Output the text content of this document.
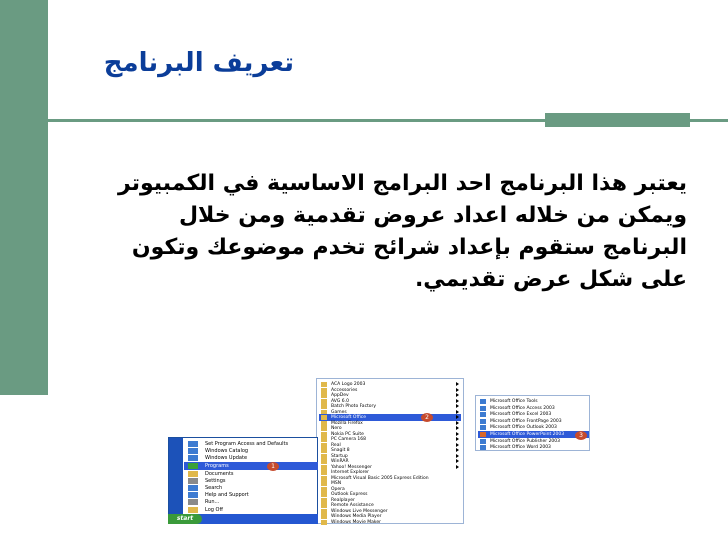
تعريف البرنامج
يعتبر هذا البرنامج احد البرامج الاساسية في الكمبيوتر
ويمكن من خلاله اعداد عروض تقدمية ومن خلال
البرنامج ستقوم بإعداد شرائح تخدم موضوعك وتكون
على شكل عرض تقديمي.
ACA Logo 2003
Accessories
AppDev
AVG 6.0
Batch Photo Factory
Games
Microsoft Office
Mozilla Firefox
Nero
Nokia PC Suite
PC Camera 168
Real
Snagit 8
Startup
WinRAR
Yahoo! Messenger
Internet Explorer
Microsoft Visual Basic 2005 Express Edition
MSN
Opera
Outlook Express
Realplayer
Remote Assistance
Windows Live Messenger
Windows Media Player
Windows Movie Maker
2
Microsoft Office Tools
Microsoft Office Access 2003
Microsoft Office Excel 2003
Microsoft Office FrontPage 2003
Microsoft Office Outlook 2003
Microsoft Office PowerPoint 2003
Microsoft Office Publisher 2003
Microsoft Office Word 2003
3
Set Program Access and Defaults
Windows Catalog
Windows Update
Programs	1
Documents
Settings
Search
Help and Support
Run...
Log Off
start
